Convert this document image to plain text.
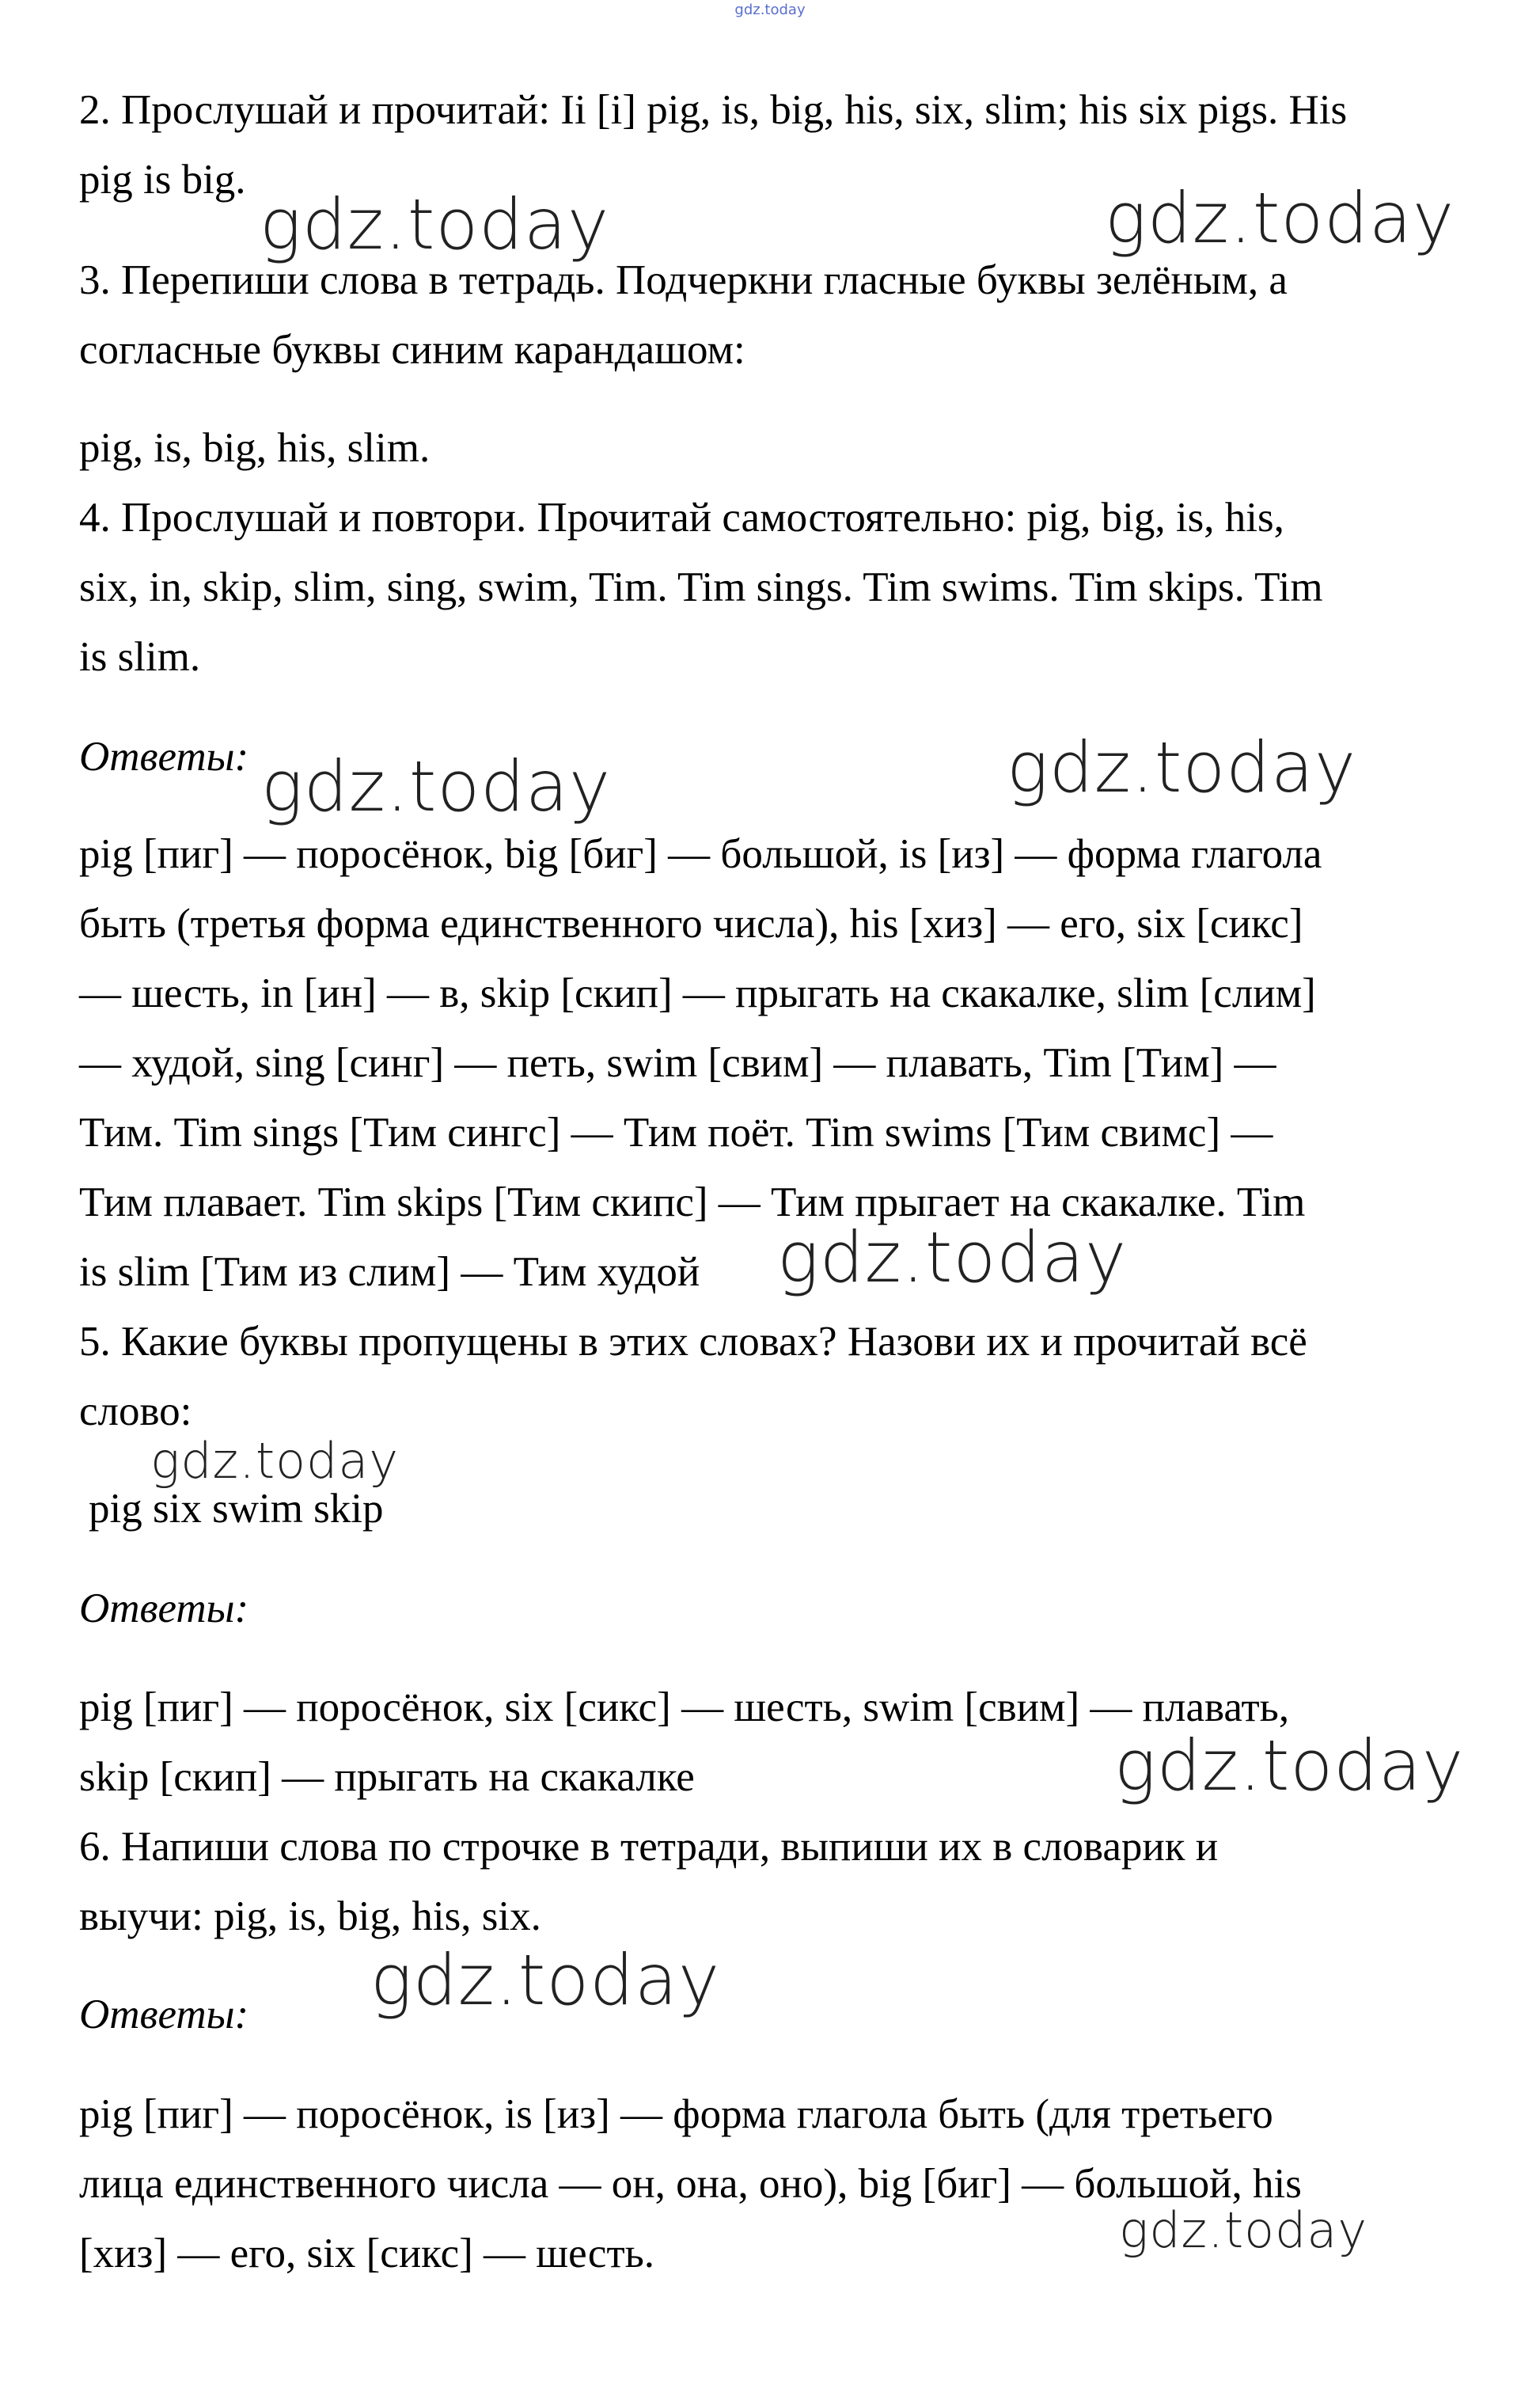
gdz.today
2. Прослушай и прочитай: Ii [i] pig, is, big, his, six, slim; his six pigs. His
pig is big.
3. Перепиши слова в тетрадь. Подчеркни гласные буквы зелёным, а
согласные буквы синим карандашом:
pig, is, big, his, slim.
4. Прослушай и повтори. Прочитай самостоятельно: pig, big, is, his,
six, in, skip, slim, sing, swim, Tim. Tim sings. Tim swims. Tim skips. Tim
is slim.
Ответы:
pig [пиг] — поросёнок, big [биг] — большой, is [из] — форма глагола
быть (третья форма единственного числа), his [хиз] — его, six [сикс]
— шесть, in [ин] — в, skip [скип] — прыгать на скакалке, slim [слим]
— худой, sing [синг] — петь, swim [свим] — плавать, Tim [Тим] —
Тим. Tim sings [Тим сингс] — Тим поёт. Tim swims [Тим свимс] —
Тим плавает. Tim skips [Тим скипс] — Тим прыгает на скакалке. Tim
is slim [Тим из слим] — Тим худой
5. Какие буквы пропущены в этих словах? Назови их и прочитай всё
слово:
pig six swim skip
Ответы:
pig [пиг] — поросёнок, six [сикс] — шесть, swim [свим] — плавать,
skip [скип] — прыгать на скакалке
6. Напиши слова по строчке в тетради, выпиши их в словарик и
выучи: pig, is, big, his, six.
Ответы:
pig [пиг] — поросёнок, is [из] — форма глагола быть (для третьего
лица единственного числа — он, она, оно), big [биг] — большой, his
[хиз] — его, six [сикс] — шесть.
gdz.today	gdz.today
gdz.today	gdz.today
gdz.today
gdz.today
gdz.today
gdz.today
gdz.today
